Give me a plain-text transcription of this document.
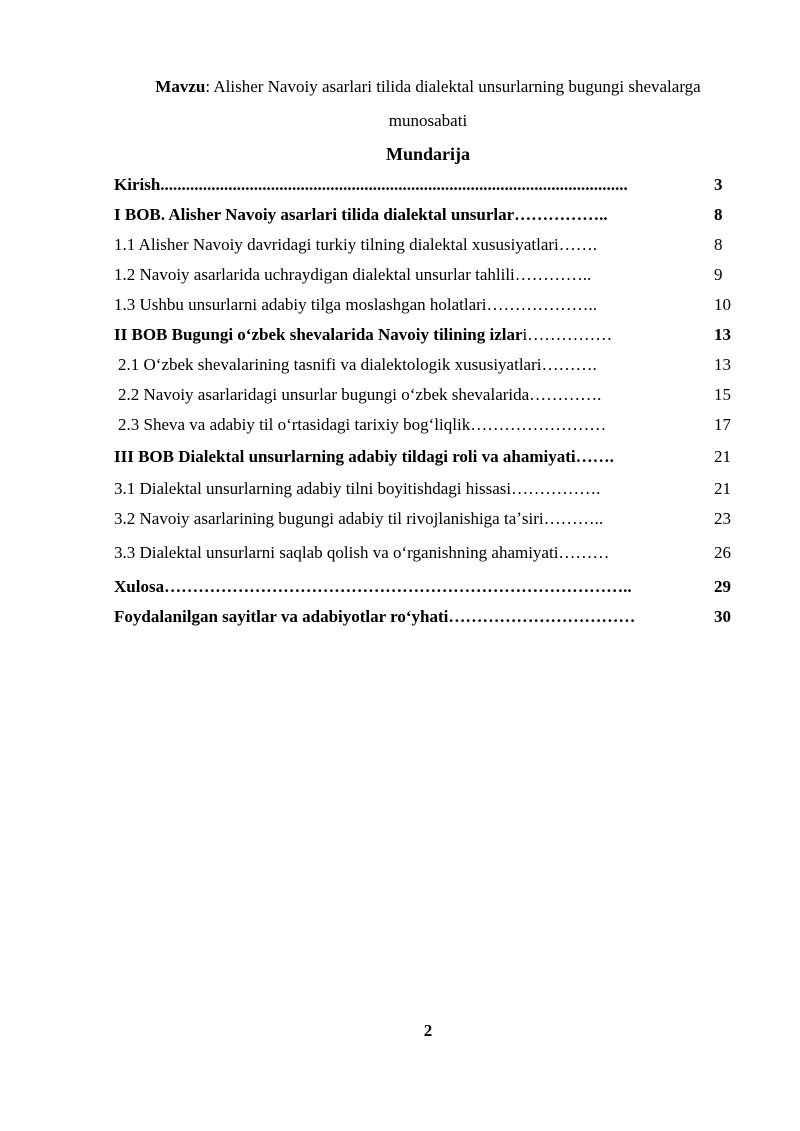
Mavzu: Alisher Navoiy asarlari tilida dialektal unsurlarning bugungi shevalarga
munosabati
Mundarija
Kirish..............................................................................................................	3
I BOB. Alisher Navoiy asarlari tilida dialektal unsurlar……………..	8
1.1 Alisher Navoiy davridagi turkiy tilning dialektal xususiyatlari…….	8
1.2 Navoiy asarlarida uchraydigan dialektal unsurlar tahlili…………..	9
1.3 Ushbu unsurlarni adabiy tilga moslashgan holatlari………………..	10
II BOB Bugungi oʻzbek shevalarida Navoiy tilining izlari……………	13
2.1 Oʻzbek shevalarining tasnifi va dialektologik xususiyatlari……….	13
2.2 Navoiy asarlaridagi unsurlar bugungi oʻzbek shevalarida………….	15
2.3 Sheva va adabiy til oʻrtasidagi tarixiy bogʻliqlik……………………	17
III BOB Dialektal unsurlarning adabiy tildagi roli va ahamiyati…….	21
3.1 Dialektal unsurlarning adabiy tilni boyitishdagi hissasi…………….	21
3.2 Navoiy asarlarining bugungi adabiy til rivojlanishiga taʼsiri………..	23
3.3 Dialektal unsurlarni saqlab qolish va oʻrganishning ahamiyati………	26
Xulosa………………………………………………………………………..	29
Foydalanilgan sayitlar va adabiyotlar roʻyhati……………………………	30
2
